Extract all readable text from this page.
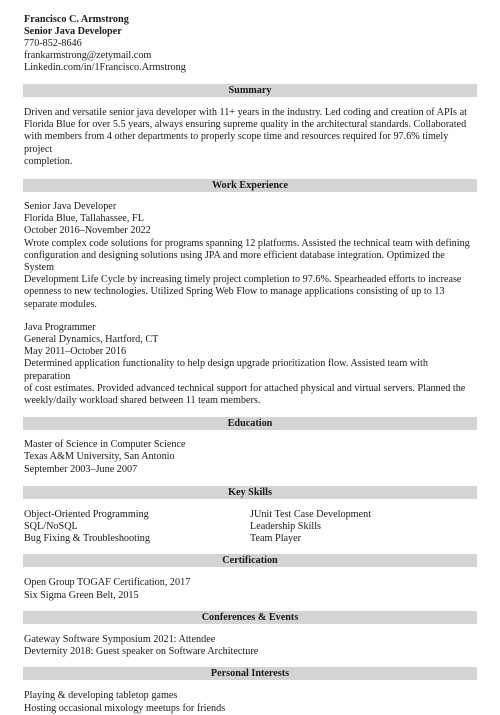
Francisco C. Armstrong
Senior Java Developer
770-852-8646
frankarmstrong@zetymail.com
Linkedin.com/in/1Francisco.Armstrong
Summary
Driven and versatile senior java developer with 11+ years in the industry. Led coding and creation of APIs at
Florida Blue for over 5.5 years, always ensuring supreme quality in the architectural standards. Collaborated
with members from 4 other departments to properly scope time and resources required for 97.6% timely project
completion.
Work Experience
Senior Java Developer
Florida Blue, Tallahassee, FL
October 2016–November 2022
Wrote complex code solutions for programs spanning 12 platforms. Assisted the technical team with defining
configuration and designing solutions using JPA and more efficient database integration. Optimized the System
Development Life Cycle by increasing timely project completion to 97.6%. Spearheaded efforts to increase
openness to new technologies. Utilized Spring Web Flow to manage applications consisting of up to 13
separate modules.
Java Programmer
General Dynamics, Hartford, CT
May 2011–October 2016
Determined application functionality to help design upgrade prioritization flow. Assisted team with preparation
of cost estimates. Provided advanced technical support for attached physical and virtual servers. Planned the
weekly/daily workload shared between 11 team members.
Education
Master of Science in Computer Science
Texas A&M University, San Antonio
September 2003–June 2007
Key Skills
Object-Oriented Programming
SQL/NoSQL
Bug Fixing & Troubleshooting
JUnit Test Case Development
Leadership Skills
Team Player
Certification
Open Group TOGAF Certification, 2017
Six Sigma Green Belt, 2015
Conferences & Events
Gateway Software Symposium 2021: Attendee
Devternity 2018: Guest speaker on Software Architecture
Personal Interests
Playing & developing tabletop games
Hosting occasional mixology meetups for friends
